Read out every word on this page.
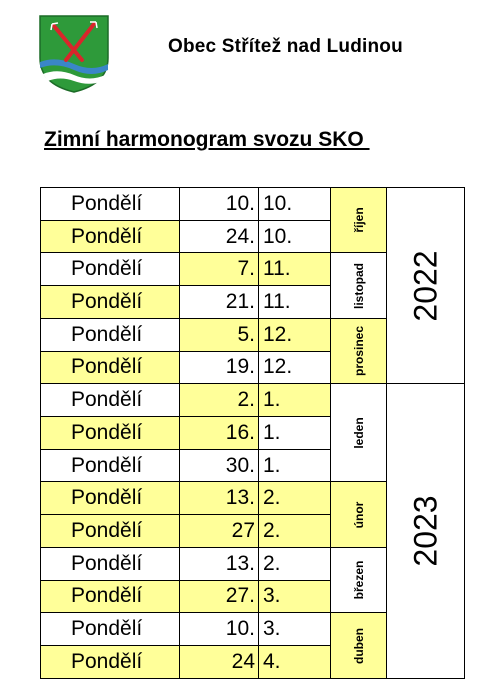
Obec Střítež nad Ludinou
Zimní harmonogram svozu SKO
Pondělí	10.	10.	říjen	2022

Pondělí	24.	10.		
Pondělí	7.	11.	listopad	

Pondělí	21.	11.		
Pondělí	5.	12.	prosinec	

Pondělí	19.	12.		
Pondělí	2.	1.	leden	2023

Pondělí	16.	1.		
Pondělí	30.	1.		
Pondělí	13.	2.	únor	

Pondělí	27	2.		
Pondělí	13.	2.	březen	

Pondělí	27.	3.		
Pondělí	10.	3.	duben	

Pondělí	24	4.		
